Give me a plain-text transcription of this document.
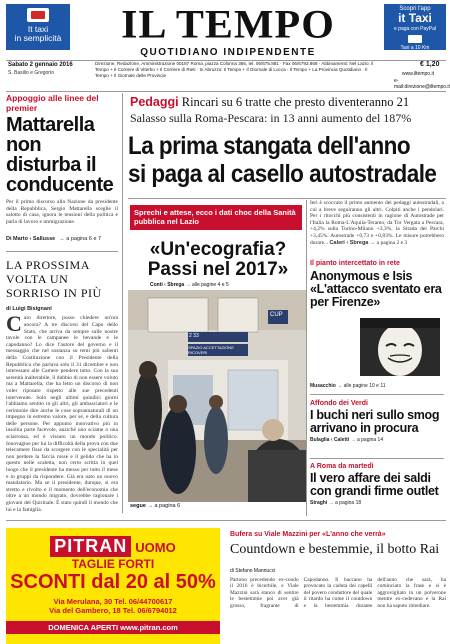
It taxi
in semplicità	IL TEMPO
QUOTIDIANO INDIPENDENTE
Scopri l'app
it Taxi
e paga con PayPal
Taxi a 10 Km
Sabato 2 gennaio 2016
S. Basilio e Gregorio
Direzione, Redazione, Amministrazione 00187 Roma, piazza Colonna 366, tel. 06/675.881 · Fax 06/6793.869 · Abbinamenti: Nel Lazio: Il Tempo + Il Corriere di Viterbo + Il Corriere di Rieti · In Abruzzo: Il Tempo + Il Giornale di Lucca · Il Tempo + La Provincia Quotidiano · Il Tempo + Il Giornale delle Provincie
€ 1,20
www.iltempo.it
e-mail:direzione@iltempo.it
Appoggio alle linee del premier
Mattarella non disturba il conducente
Per il primo discorso alla Nazione da presidente della Repubblica, Sergio Mattarella sceglie il salotto di casa, ignora le tensioni della politica e parla di lavoro e immigrazione.
Di Marto ‹ Sallusse → a pagina 6 e 7
LA PROSSIMA VOLTA UN SORRISO IN PIÙ
di Luigi Bisignani
Caro direttore, posso chiedere un'ora ancora? A tre discorsi del Capo dello Stato, che arriva da sempre sulle nostre tavole con le campanee le bevande e le capodanno? Lo dice l'autore del governo e il messaggio che nel sostanza su temi più salienti della Costituzione con il Presidente della Repubblica che parlava solo il 31 dicembre e non interessato alle Camere pendere tutto. Con la sua serenità inalterabile, il dubbio di non essere voluto ma a Mattarella, che ha letto un discorso di non voler riposare rispetto alle sue precedenti intervenute. Solo negli ultimi quindici giorni l'abbiamo sentito in gli altri, gli ambasciatori e le cerimonie dire anche le cose soprannaturali di un impegno in estremo valore, per sé, e della cultura delle persone. Per appunto innovativo più in insolita parte facevole, anziché uno sciame o una sciarrossa, ed è vissuto un mondo politico. Innovagioe per lui la difficoltà della prova con due telecamere fisse da scorgere con le specialità per non perdere la faccia rosse e il gelido che ha in questo nelle scaletta, non certo scritta in quel luogo che il presidente ha messo per tutto il mese e in gruppi da rispondere. Già era nato un nuovo mandatario. Ma se il presidente, dunque, si era stretto e rivolto e il momento dell'economia che oltre a un mondo migrato, dovrebbe ragionare i giovani del Quirinale. È stato quindi il mondo che lui e la famiglia.
Pedaggi Rincari su 6 tratte che presto diventeranno 21
Salasso sulla Roma-Pescara: in 13 anni aumento del 187%
La prima stangata dell'anno
si paga al casello autostradale
Sprechi e attese, ecco i dati choc della Sanità pubblica nel Lazio
«Un'ecografia?
Passi nel 2017»
Conti ‹ Sbrega → alle pagine 4 e 5
2 33
SPAZIO ACCETTAZIONE RICOVERI
CUP
segue → a pagina 6
Ieri è scoccato il primo aumento dei pedaggi autostradali, a cui a breve seguiranno gli altri. Colpiti anche i pendolari. Per i ritocchi più consistenti in ragione di Autostrade per l'Italia la Roma-L'Aquila-Teramo, da Tor Vergata a Pescara, +4,2% sulla Torino-Milano +3,3%, la Strada dei Parchi +3,45%. Autostrade +0,73 e +0,83%. Le misure potrebbero durare... Caleri ‹ Sbrega → a pagina 2 e 3
Il pianto intercettato in rete
Anonymous e Isis «L'attacco sventato era per Firenze»
Musacchio → alle pagine 10 e 11
Affondo dei Verdi
I buchi neri sullo smog arrivano in procura
Bulaglia ‹ Caletti → a pagina 14
A Roma da martedì
Il vero affare dei saldi con grandi firme outlet
Straghi → a pagina 18
PITRAN UOMO
TAGLIE FORTI
SCONTI dal 20 al 50%
Via Merulana, 30 Tel. 06/44700617
Via del Gambero, 18 Tel. 06/6794012
DOMENICA APERTI www.pitran.com
Bufera su Viale Mazzini per «L'anno che verrà»
Countdown e bestemmie, il botto Rai
di Stefano Mannucci
Partono precedendo ex-coudo il 2016 è bicerbile, e Viale Mazzini sarà stanco di sentire le bestemmie poi aver già grosso, fragrante di Capodanno. Il baccano ha provocato la caduta dei capelli del povero conduttore del quale il ritardo ha come il coutdown e la bestemmia durante dell'anno che sarà, ha cominciato la frase e si è aggrovigliato in un polverone mentre ex-cedevano e la Rai non ha saputo rimediare.
